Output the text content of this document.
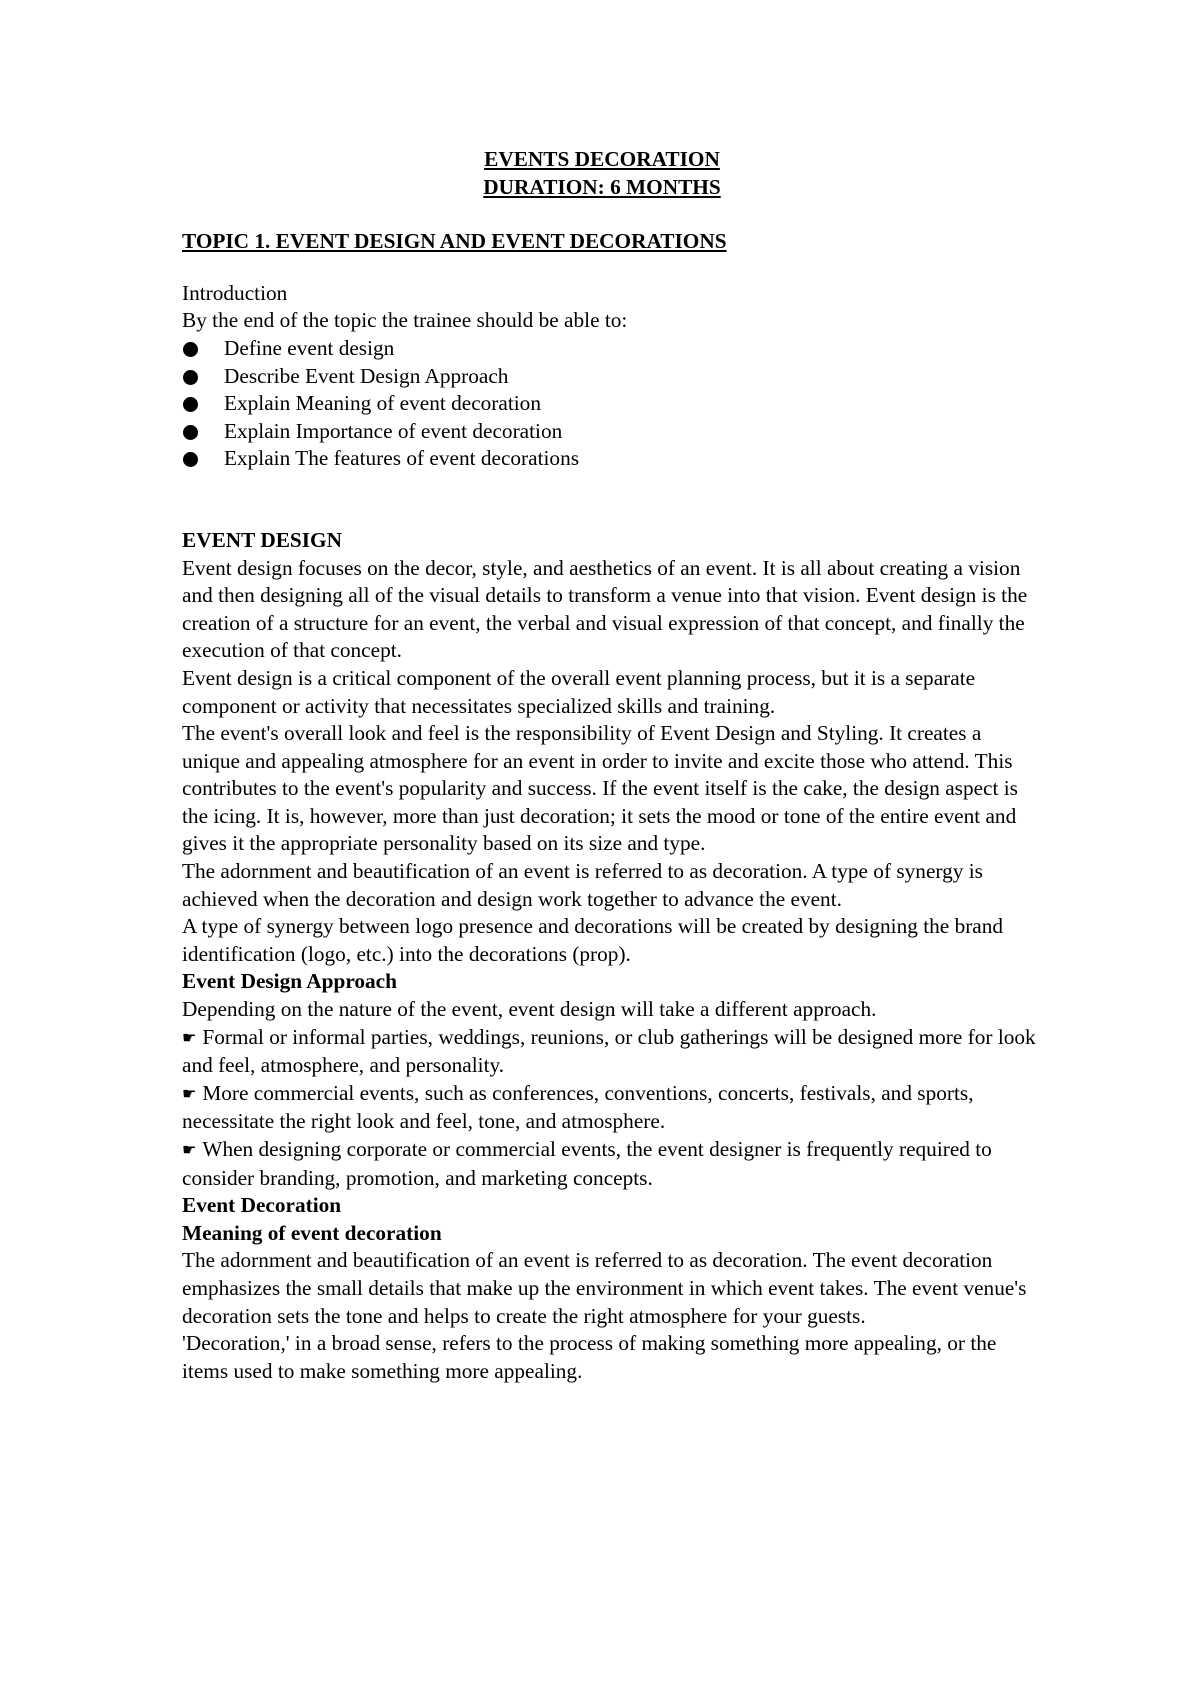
EVENTS DECORATION
DURATION: 6 MONTHS
TOPIC 1. EVENT DESIGN AND EVENT DECORATIONS

Introduction

By the end of the topic the trainee should be able to:

Define event design
Describe Event Design Approach
Explain Meaning of event decoration
Explain Importance of event decoration
Explain The features of event decorations

EVENT DESIGN

Event design focuses on the decor, style, and aesthetics of an event. It is all about creating a vision and then designing all of the visual details to transform a venue into that vision. Event design is the creation of a structure for an event, the verbal and visual expression of that concept, and finally the execution of that concept.

Event design is a critical component of the overall event planning process, but it is a separate component or activity that necessitates specialized skills and training.

The event's overall look and feel is the responsibility of Event Design and Styling. It creates a unique and appealing atmosphere for an event in order to invite and excite those who attend. This contributes to the event's popularity and success. If the event itself is the cake, the design aspect is the icing. It is, however, more than just decoration; it sets the mood or tone of the entire event and gives it the appropriate personality based on its size and type.

The adornment and beautification of an event is referred to as decoration. A type of synergy is achieved when the decoration and design work together to advance the event.

A type of synergy between logo presence and decorations will be created by designing the brand identification (logo, etc.) into the decorations (prop).

Event Design Approach

Depending on the nature of the event, event design will take a different approach.

☛ Formal or informal parties, weddings, reunions, or club gatherings will be designed more for look and feel, atmosphere, and personality.

☛ More commercial events, such as conferences, conventions, concerts, festivals, and sports, necessitate the right look and feel, tone, and atmosphere.

☛ When designing corporate or commercial events, the event designer is frequently required to consider branding, promotion, and marketing concepts.

Event Decoration

Meaning of event decoration

The adornment and beautification of an event is referred to as decoration. The event decoration emphasizes the small details that make up the environment in which event takes. The event venue's decoration sets the tone and helps to create the right atmosphere for your guests.

'Decoration,' in a broad sense, refers to the process of making something more appealing, or the items used to make something more appealing.
